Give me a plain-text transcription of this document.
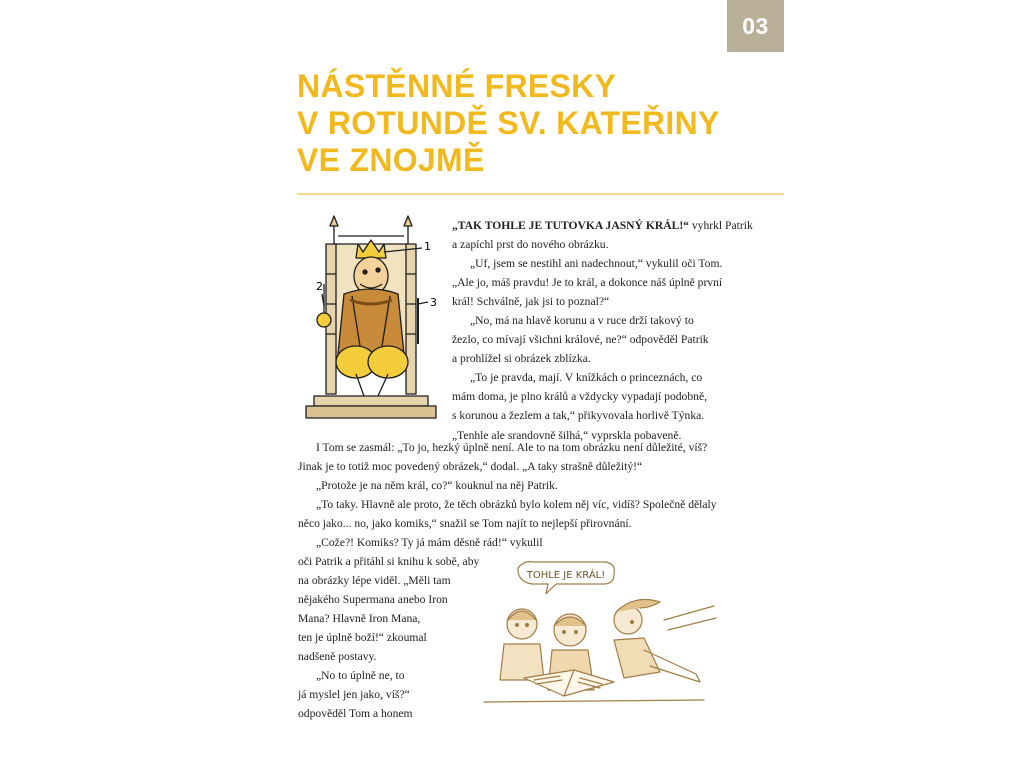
03
NÁSTĚNNÉ FRESKY
V ROTUNDĚ SV. KATEŘINY
VE ZNOJMĚ
1
2
3

„TAK TOHLE JE TUTOVKA JASNÝ KRÁL!“ vyhrkl Patrik

a zapíchl prst do nového obrázku.

„Uf, jsem se nestihl ani nadechnout,“ vykulil oči Tom.

„Ale jo, máš pravdu! Je to král, a dokonce náš úplně první

král! Schválně, jak jsi to poznal?“

„No, má na hlavě korunu a v ruce drží takový to

žezlo, co mívají všichni králové, ne?“ odpověděl Patrik

a prohlížel si obrázek zblízka.

„To je pravda, mají. V knížkách o princeznách, co

mám doma, je plno králů a vždycky vypadají podobně,

s korunou a žezlem a tak,“ přikyvovala horlivě Týnka.

„Tenhle ale srandovně šilhá,“ vyprskla pobaveně.

I Tom se zasmál: „To jo, hezký úplně není. Ale to na tom obrázku není důležité, víš?

Jinak je to totiž moc povedený obrázek,“ dodal. „A taky strašně důležitý!“

„Protože je na něm král, co?“ kouknul na něj Patrik.

„To taky. Hlavně ale proto, že těch obrázků bylo kolem něj víc, vidíš? Společně dělaly

něco jako... no, jako komiks,“ snažil se Tom najít to nejlepší přirovnání.

„Cože?! Komiks? Ty já mám děsně rád!“ vykulil

oči Patrik a přitáhl si knihu k sobě, aby

na obrázky lépe viděl. „Měli tam

nějakého Supermana anebo Iron

Mana? Hlavně Iron Mana,

ten je úplně boží!“ zkoumal

nadšeně postavy.

„No to úplně ne, to

já myslel jen jako, víš?“

odpověděl Tom a honem

TOHLE JE KRÁL!
